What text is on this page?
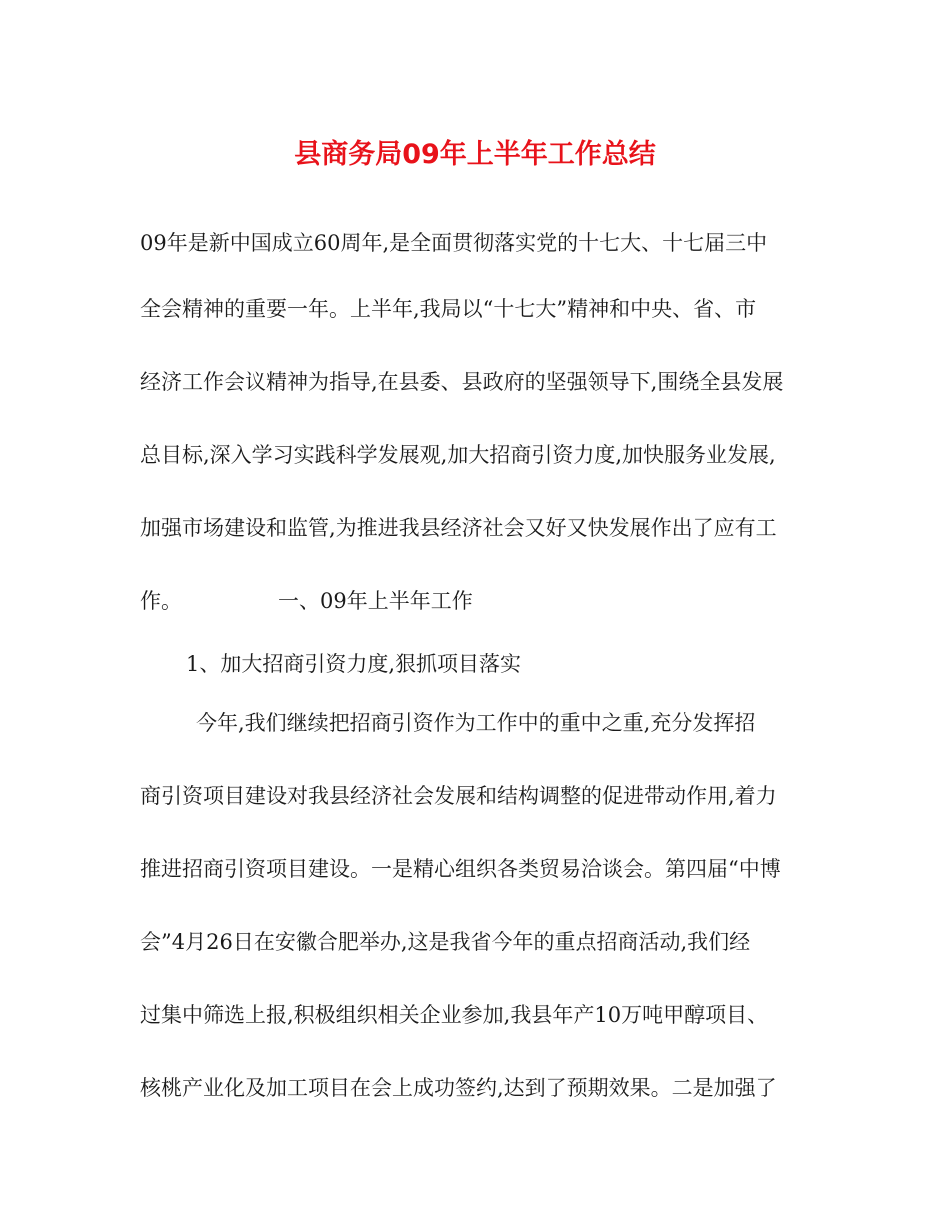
县商务局09年上半年工作总结
09年是新中国成立60周年,是全面贯彻落实党的十七大、十七届三中
全会精神的重要一年。上半年,我局以“十七大”精神和中央、省、市
经济工作会议精神为指导,在县委、县政府的坚强领导下,围绕全县发展
总目标,深入学习实践科学发展观,加大招商引资力度,加快服务业发展,
加强市场建设和监管,为推进我县经济社会又好又快发展作出了应有工
作。	一、09年上半年工作
1、加大招商引资力度,狠抓项目落实
今年,我们继续把招商引资作为工作中的重中之重,充分发挥招
商引资项目建设对我县经济社会发展和结构调整的促进带动作用,着力
推进招商引资项目建设。一是精心组织各类贸易洽谈会。第四届“中博
会”4月26日在安徽合肥举办,这是我省今年的重点招商活动,我们经
过集中筛选上报,积极组织相关企业参加,我县年产10万吨甲醇项目、
核桃产业化及加工项目在会上成功签约,达到了预期效果。二是加强了
